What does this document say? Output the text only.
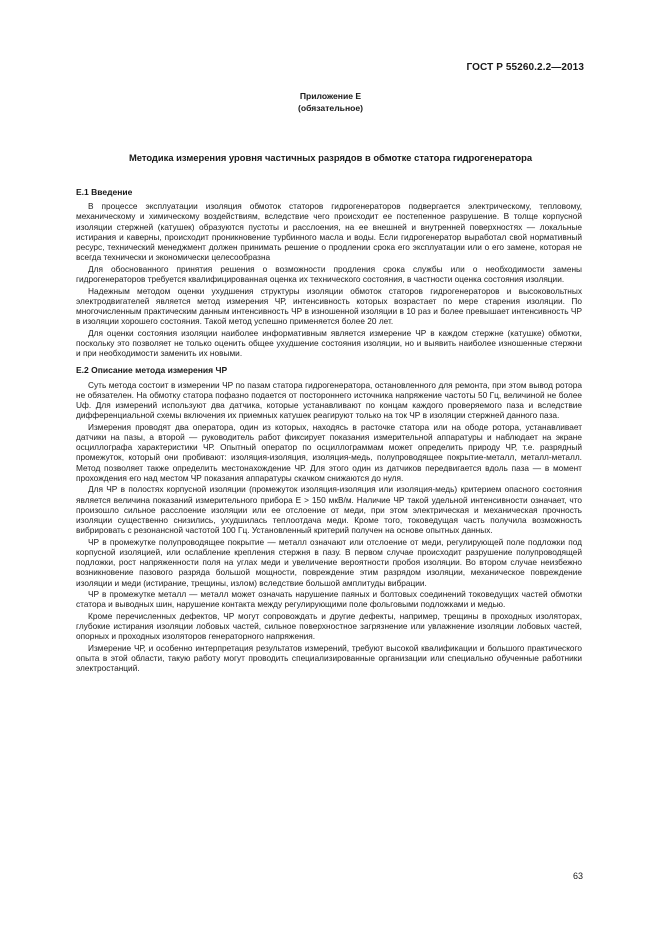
ГОСТ Р 55260.2.2—2013
Приложение Е
(обязательное)
Методика измерения уровня частичных разрядов в обмотке статора гидрогенератора
Е.1 Введение

В процессе эксплуатации изоляция обмоток статоров гидрогенераторов подвергается электрическому, тепловому, механическому и химическому воздействиям, вследствие чего происходит ее постепенное разрушение. В толще корпусной изоляции стержней (катушек) образуются пустоты и расслоения, на ее внешней и внутренней поверхностях — локальные истирания и каверны, происходит проникновение турбинного масла и воды. Если гидрогенератор выработал свой нормативный ресурс, технический менеджмент должен принимать решение о продлении срока его эксплуатации или о его замене, которая не всегда технически и экономически целесообразна

Для обоснованного принятия решения о возможности продления срока службы или о необходимости замены гидрогенераторов требуется квалифицированная оценка их технического состояния, в частности оценка состояния изоляции.

Надежным методом оценки ухудшения структуры изоляции обмоток статоров гидрогенераторов и высоковольтных электродвигателей является метод измерения ЧР, интенсивность которых возрастает по мере старения изоляции. По многочисленным практическим данным интенсивность ЧР в изношенной изоляции в 10 раз и более превышает интенсивность ЧР в изоляции хорошего состояния. Такой метод успешно применяется более 20 лет.

Для оценки состояния изоляции наиболее информативным является измерение ЧР в каждом стержне (катушке) обмотки, поскольку это позволяет не только оценить общее ухудшение состояния изоляции, но и выявить наиболее изношенные стержни и при необходимости заменить их новыми.

Е.2 Описание метода измерения ЧР

Суть метода состоит в измерении ЧР по пазам статора гидрогенератора, остановленного для ремонта, при этом вывод ротора не обязателен. На обмотку статора пофазно подается от постороннего источника напряжение частоты 50 Гц, величиной не более Uф. Для измерений используют два датчика, которые устанавливают по концам каждого проверяемого паза и вследствие дифференциальной схемы включения их приемных катушек реагируют только на ток ЧР в изоляции стержней данного паза.

Измерения проводят два оператора, один из которых, находясь в расточке статора или на ободе ротора, устанавливает датчики на пазы, а второй — руководитель работ фиксирует показания измерительной аппаратуры и наблюдает на экране осциллографа характеристики ЧР. Опытный оператор по осциллограммам может определить природу ЧР, т.е. разрядный промежуток, который они пробивают: изоляция-изоляция, изоляция-медь, полупроводящее покрытие-металл, металл-металл. Метод позволяет также определить местонахождение ЧР. Для этого один из датчиков передвигается вдоль паза — в момент прохождения его над местом ЧР показания аппаратуры скачком снижаются до нуля.

Для ЧР в полостях корпусной изоляции (промежуток изоляция-изоляция или изоляция-медь) критерием опасного состояния является величина показаний измерительного прибора E > 150 мкВ/м. Наличие ЧР такой удельной интенсивности означает, что произошло сильное расслоение изоляции или ее отслоение от меди, при этом электрическая и механическая прочность изоляции существенно снизились, ухудшилась теплоотдача меди. Кроме того, токоведущая часть получила возможность вибрировать с резонансной частотой 100 Гц. Установленный критерий получен на основе опытных данных.

ЧР в промежутке полупроводящее покрытие — металл означают или отслоение от меди, регулирующей поле подложки под корпусной изоляцией, или ослабление крепления стержня в пазу. В первом случае происходит разрушение полупроводящей подложки, рост напряженности поля на углах меди и увеличение вероятности пробоя изоляции. Во втором случае неизбежно возникновение пазового разряда большой мощности, повреждение этим разрядом изоляции, механическое повреждение изоляции и меди (истирание, трещины, излом) вследствие большой амплитуды вибрации.

ЧР в промежутке металл — металл может означать нарушение паяных и болтовых соединений токоведущих частей обмотки статора и выводных шин, нарушение контакта между регулирующими поле фольговыми подложками и медью.

Кроме перечисленных дефектов, ЧР могут сопровождать и другие дефекты, например, трещины в проходных изоляторах, глубокие истирания изоляции лобовых частей, сильное поверхностное загрязнение или увлажнение изоляции лобовых частей, опорных и проходных изоляторов генераторного напряжения.

Измерение ЧР, и особенно интерпретация результатов измерений, требуют высокой квалификации и большого практического опыта в этой области, такую работу могут проводить специализированные организации или специально обученные работники электростанций.

63
